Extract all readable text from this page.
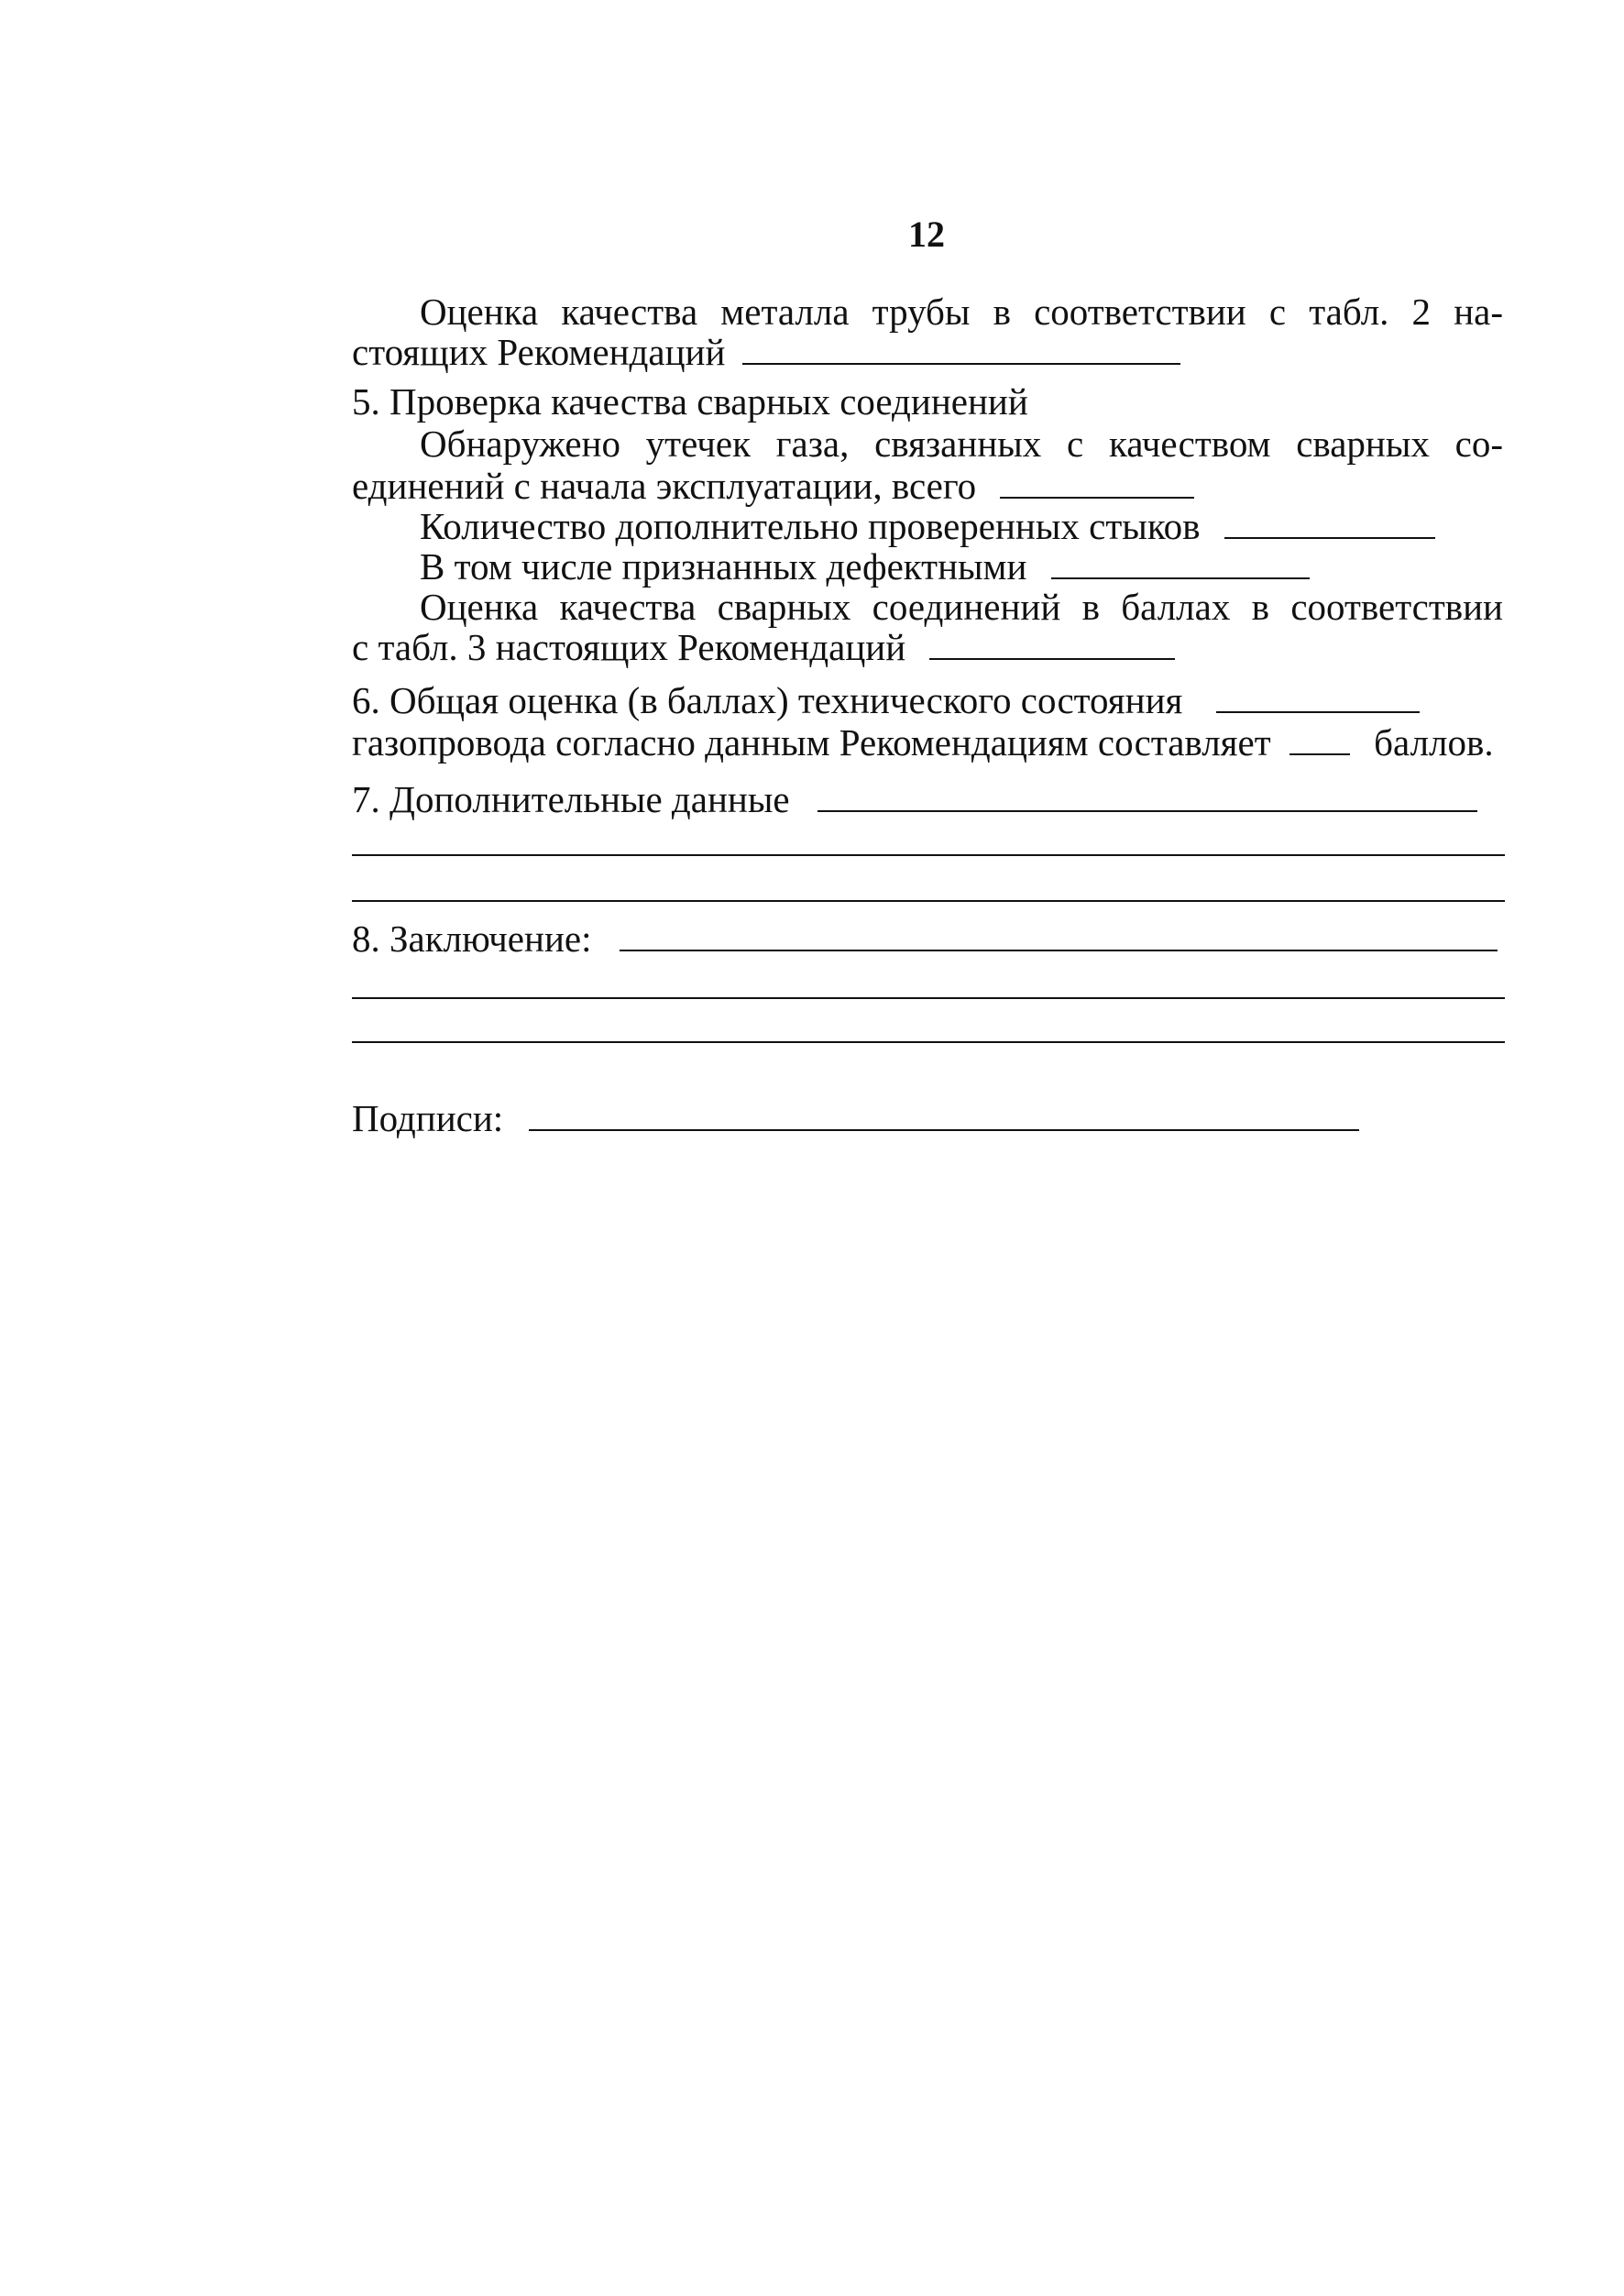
12
Оценка качества металла трубы в соответствии с табл. 2 на-
стоящих Рекомендаций
5. Проверка качества сварных соединений
Обнаружено утечек газа, связанных с качеством сварных со-
единений с начала эксплуатации, всего
Количество дополнительно проверенных стыков
В том числе признанных дефектными
Оценка качества сварных соединений в баллах в соответствии
с табл. 3 настоящих Рекомендаций
6. Общая оценка (в баллах) технического состояния
газопровода согласно данным Рекомендациям составляет	баллов.
7. Дополнительные данные
8. Заключение:
Подписи:
